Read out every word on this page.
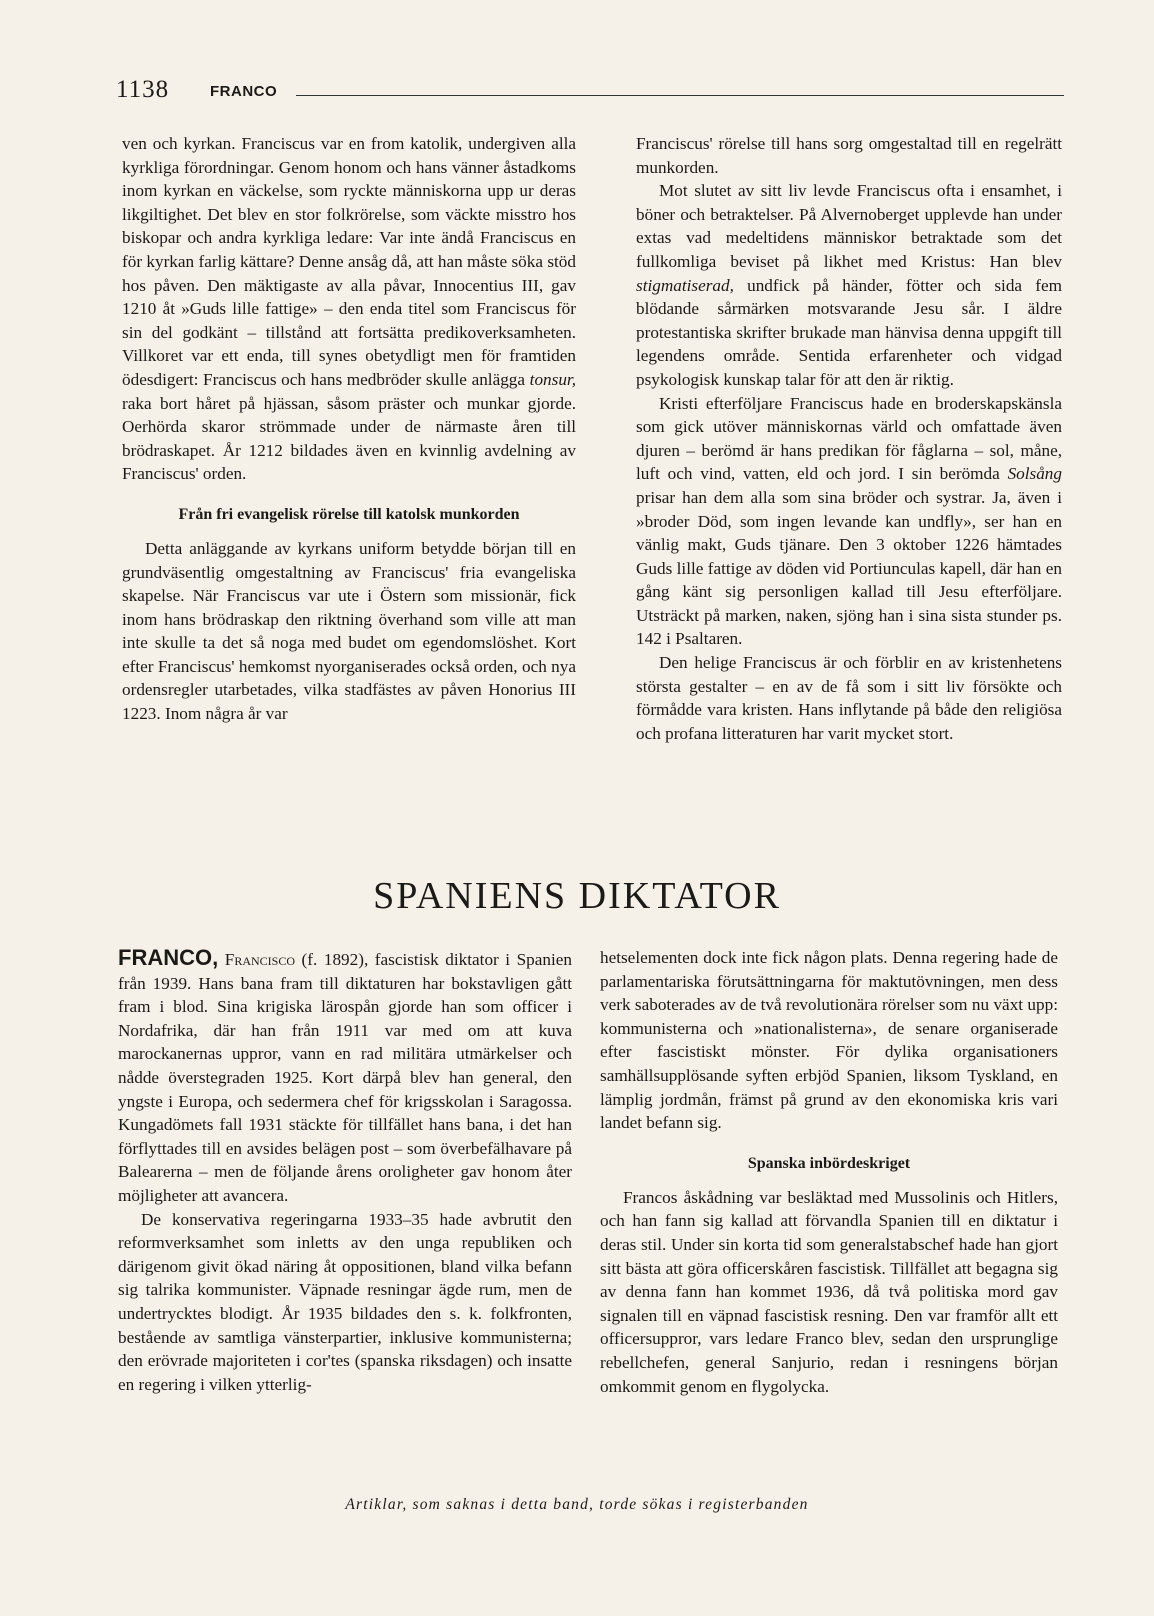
1138	FRANCO

ven och kyrkan. Franciscus var en from katolik, undergiven alla kyrkliga förordningar. Genom honom och hans vänner åstadkoms inom kyrkan en väckelse, som ryckte människorna upp ur deras likgiltighet. Det blev en stor folkrörelse, som väckte misstro hos biskopar och andra kyrkliga ledare: Var inte ändå Franciscus en för kyrkan farlig kättare? Denne ansåg då, att han måste söka stöd hos påven. Den mäktigaste av alla påvar, Innocentius III, gav 1210 åt »Guds lille fattige» – den enda titel som Franciscus för sin del godkänt – tillstånd att fortsätta predikoverksamheten. Villkoret var ett enda, till synes obetydligt men för framtiden ödesdigert: Franciscus och hans medbröder skulle anlägga tonsur, raka bort håret på hjässan, såsom präster och munkar gjorde. Oerhörda skaror strömmade under de närmaste åren till brödraskapet. År 1212 bildades även en kvinnlig avdelning av Franciscus' orden.

Från fri evangelisk rörelse till katolsk munkorden

Detta anläggande av kyrkans uniform betydde början till en grundväsentlig omgestaltning av Franciscus' fria evangeliska skapelse. När Franciscus var ute i Östern som missionär, fick inom hans brödraskap den riktning överhand som ville att man inte skulle ta det så noga med budet om egendomslöshet. Kort efter Franciscus' hemkomst nyorganiserades också orden, och nya ordensregler utarbetades, vilka stadfästes av påven Honorius III 1223. Inom några år var

Franciscus' rörelse till hans sorg omgestaltad till en regelrätt munkorden.

Mot slutet av sitt liv levde Franciscus ofta i ensamhet, i böner och betraktelser. På Alvernoberget upplevde han under extas vad medeltidens människor betraktade som det fullkomliga beviset på likhet med Kristus: Han blev stigmatiserad, undfick på händer, fötter och sida fem blödande sårmärken motsvarande Jesu sår. I äldre protestantiska skrifter brukade man hänvisa denna uppgift till legendens område. Sentida erfarenheter och vidgad psykologisk kunskap talar för att den är riktig.

Kristi efterföljare Franciscus hade en broderskapskänsla som gick utöver människornas värld och omfattade även djuren – berömd är hans predikan för fåglarna – sol, måne, luft och vind, vatten, eld och jord. I sin berömda Solsång prisar han dem alla som sina bröder och systrar. Ja, även i »broder Död, som ingen levande kan undfly», ser han en vänlig makt, Guds tjänare. Den 3 oktober 1226 hämtades Guds lille fattige av döden vid Portiunculas kapell, där han en gång känt sig personligen kallad till Jesu efterföljare. Utsträckt på marken, naken, sjöng han i sina sista stunder ps. 142 i Psaltaren.

Den helige Franciscus är och förblir en av kristenhetens största gestalter – en av de få som i sitt liv försökte och förmådde vara kristen. Hans inflytande på både den religiösa och profana litteraturen har varit mycket stort.

SPANIENS DIKTATOR

FRANCO, Francisco (f. 1892), fascistisk diktator i Spanien från 1939. Hans bana fram till diktaturen har bokstavligen gått fram i blod. Sina krigiska lärospån gjorde han som officer i Nordafrika, där han från 1911 var med om att kuva marockanernas uppror, vann en rad militära utmärkelser och nådde överstegraden 1925. Kort därpå blev han general, den yngste i Europa, och sedermera chef för krigsskolan i Saragossa. Kungadömets fall 1931 stäckte för tillfället hans bana, i det han förflyttades till en avsides belägen post – som överbefälhavare på Balearerna – men de följande årens oroligheter gav honom åter möjligheter att avancera.

De konservativa regeringarna 1933–35 hade avbrutit den reformverksamhet som inletts av den unga republiken och därigenom givit ökad näring åt oppositionen, bland vilka befann sig talrika kommunister. Väpnade resningar ägde rum, men de undertrycktes blodigt. År 1935 bildades den s. k. folkfronten, bestående av samtliga vänsterpartier, inklusive kommunisterna; den erövrade majoriteten i cor'tes (spanska riksdagen) och insatte en regering i vilken ytterlig-

hetselementen dock inte fick någon plats. Denna regering hade de parlamentariska förutsättningarna för maktutövningen, men dess verk saboterades av de två revolutionära rörelser som nu växt upp: kommunisterna och »nationalisterna», de senare organiserade efter fascistiskt mönster. För dylika organisationers samhällsupplösande syften erbjöd Spanien, liksom Tyskland, en lämplig jordmån, främst på grund av den ekonomiska kris vari landet befann sig.

Spanska inbördeskriget

Francos åskådning var besläktad med Mussolinis och Hitlers, och han fann sig kallad att förvandla Spanien till en diktatur i deras stil. Under sin korta tid som generalstabschef hade han gjort sitt bästa att göra officerskåren fascistisk. Tillfället att begagna sig av denna fann han kommet 1936, då två politiska mord gav signalen till en väpnad fascistisk resning. Den var framför allt ett officersuppror, vars ledare Franco blev, sedan den ursprunglige rebellchefen, general Sanjurio, redan i resningens början omkommit genom en flygolycka.

Artiklar, som saknas i detta band, torde sökas i registerbanden
